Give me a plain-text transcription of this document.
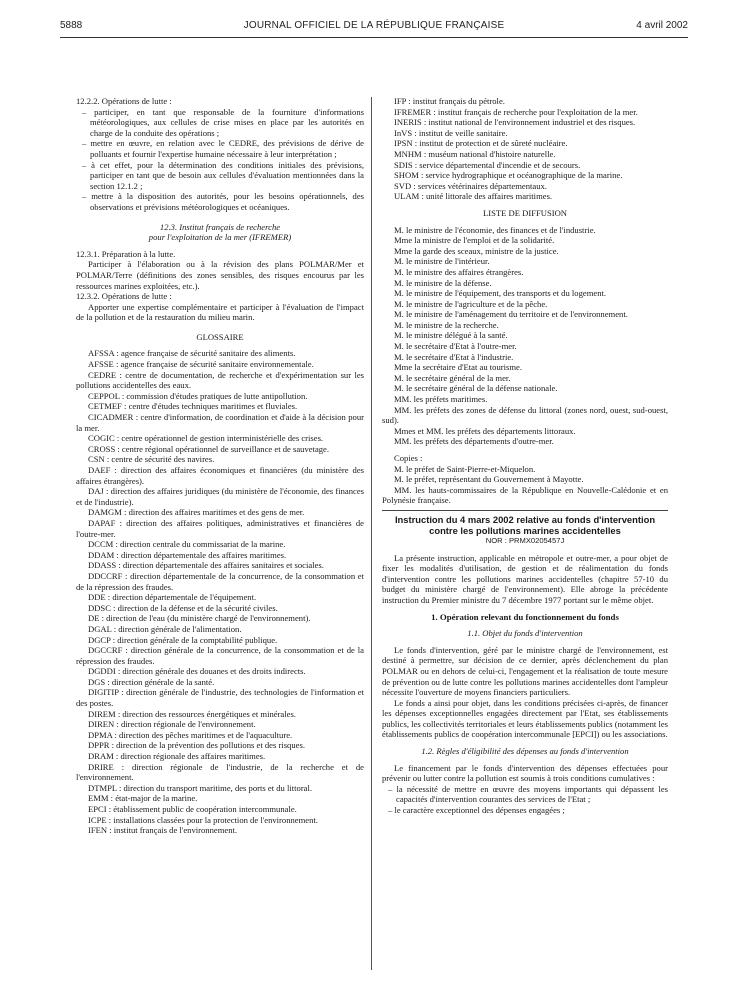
5888	JOURNAL OFFICIEL DE LA RÉPUBLIQUE FRANÇAISE	4 avril 2002

12.2.2. Opérations de lutte :

– participer, en tant que responsable de la fourniture d'informations météorologiques, aux cellules de crise mises en place par les autorités en charge de la conduite des opérations ;

– mettre en œuvre, en relation avec le CEDRE, des prévisions de dérive de polluants et fournir l'expertise humaine nécessaire à leur interprétation ;

– à cet effet, pour la détermination des conditions initiales des prévisions, participer en tant que de besoin aux cellules d'évaluation mentionnées dans la section 12.1.2 ;

– mettre à la disposition des autorités, pour les besoins opérationnels, des observations et prévisions météorologiques et océaniques.

12.3. Institut français de recherche

pour l'exploitation de la mer (IFREMER)

12.3.1. Préparation à la lutte.

Participer à l'élaboration ou à la révision des plans POLMAR/Mer et POLMAR/Terre (définitions des zones sensibles, des risques encourus par les ressources marines exploitées, etc.).

12.3.2. Opérations de lutte :

Apporter une expertise complémentaire et participer à l'évaluation de l'impact de la pollution et de la restauration du milieu marin.

GLOSSAIRE

AFSSA : agence française de sécurité sanitaire des aliments.

AFSSE : agence française de sécurité sanitaire environnementale.

CEDRE : centre de documentation, de recherche et d'expérimentation sur les pollutions accidentelles des eaux.

CEPPOL : commission d'études pratiques de lutte antipollution.

CETMEF : centre d'études techniques maritimes et fluviales.

CICADMER : centre d'information, de coordination et d'aide à la décision pour la mer.

COGIC : centre opérationnel de gestion interministérielle des crises.

CROSS : centre régional opérationnel de surveillance et de sauvetage.

CSN : centre de sécurité des navires.

DAEF : direction des affaires économiques et financières (du ministère des affaires étrangères).

DAJ : direction des affaires juridiques (du ministère de l'économie, des finances et de l'industrie).

DAMGM : direction des affaires maritimes et des gens de mer.

DAPAF : direction des affaires politiques, administratives et financières de l'outre-mer.

DCCM : direction centrale du commissariat de la marine.

DDAM : direction départementale des affaires maritimes.

DDASS : direction départementale des affaires sanitaires et sociales.

DDCCRF : direction départementale de la concurrence, de la consommation et de la répression des fraudes.

DDE : direction départementale de l'équipement.

DDSC : direction de la défense et de la sécurité civiles.

DE : direction de l'eau (du ministère chargé de l'environnement).

DGAL : direction générale de l'alimentation.

DGCP : direction générale de la comptabilité publique.

DGCCRF : direction générale de la concurrence, de la consommation et de la répression des fraudes.

DGDDI : direction générale des douanes et des droits indirects.

DGS : direction générale de la santé.

DIGITIP : direction générale de l'industrie, des technologies de l'information et des postes.

DIREM : direction des ressources énergétiques et minérales.

DIREN : direction régionale de l'environnement.

DPMA : direction des pêches maritimes et de l'aquaculture.

DPPR : direction de la prévention des pollutions et des risques.

DRAM : direction régionale des affaires maritimes.

DRIRE : direction régionale de l'industrie, de la recherche et de l'environnement.

DTMPL : direction du transport maritime, des ports et du littoral.

EMM : état-major de la marine.

EPCI : établissement public de coopération intercommunale.

ICPE : installations classées pour la protection de l'environnement.

IFEN : institut français de l'environnement.

IFP : institut français du pétrole.

IFREMER : institut français de recherche pour l'exploitation de la mer.

INERIS : institut national de l'environnement industriel et des risques.

InVS : institut de veille sanitaire.

IPSN : institut de protection et de sûreté nucléaire.

MNHM : muséum national d'histoire naturelle.

SDIS : service départemental d'incendie et de secours.

SHOM : service hydrographique et océanographique de la marine.

SVD : services vétérinaires départementaux.

ULAM : unité littorale des affaires maritimes.

LISTE DE DIFFUSION

M. le ministre de l'économie, des finances et de l'industrie.

Mme la ministre de l'emploi et de la solidarité.

Mme la garde des sceaux, ministre de la justice.

M. le ministre de l'intérieur.

M. le ministre des affaires étrangères.

M. le ministre de la défense.

M. le ministre de l'équipement, des transports et du logement.

M. le ministre de l'agriculture et de la pêche.

M. le ministre de l'aménagement du territoire et de l'environnement.

M. le ministre de la recherche.

M. le ministre délégué à la santé.

M. le secrétaire d'Etat à l'outre-mer.

M. le secrétaire d'Etat à l'industrie.

Mme la secrétaire d'Etat au tourisme.

M. le secrétaire général de la mer.

M. le secrétaire général de la défense nationale.

MM. les préfets maritimes.

MM. les préfets des zones de défense du littoral (zones nord, ouest, sud-ouest, sud).

Mmes et MM. les préfets des départements littoraux.

MM. les préfets des départements d'outre-mer.

Copies :

M. le préfet de Saint-Pierre-et-Miquelon.

M. le préfet, représentant du Gouvernement à Mayotte.

MM. les hauts-commissaires de la République en Nouvelle-Calédonie et en Polynésie française.

Instruction du 4 mars 2002 relative au fonds d'intervention contre les pollutions marines accidentelles

NOR : PRMX0205457J

La présente instruction, applicable en métropole et outre-mer, a pour objet de fixer les modalités d'utilisation, de gestion et de réalimentation du fonds d'intervention contre les pollutions marines accidentelles (chapitre 57-10 du budget du ministère chargé de l'environnement). Elle abroge la précédente instruction du Premier ministre du 7 décembre 1977 portant sur le même objet.

1. Opération relevant du fonctionnement du fonds

1.1. Objet du fonds d'intervention

Le fonds d'intervention, géré par le ministre chargé de l'environnement, est destiné à permettre, sur décision de ce dernier, après déclenchement du plan POLMAR ou en dehors de celui-ci, l'engagement et la réalisation de toute mesure de prévention ou de lutte contre les pollutions marines accidentelles dont l'ampleur nécessite l'ouverture de moyens financiers particuliers.

Le fonds a ainsi pour objet, dans les conditions précisées ci-après, de financer les dépenses exceptionnelles engagées directement par l'Etat, ses établissements publics, les collectivités territoriales et leurs établissements publics (notamment les établissements publics de coopération intercommunale [EPCI]) ou les associations.

1.2. Règles d'éligibilité des dépenses au fonds d'intervention

Le financement par le fonds d'intervention des dépenses effectuées pour prévenir ou lutter contre la pollution est soumis à trois conditions cumulatives :

– la nécessité de mettre en œuvre des moyens importants qui dépassent les capacités d'intervention courantes des services de l'Etat ;

– le caractère exceptionnel des dépenses engagées ;
